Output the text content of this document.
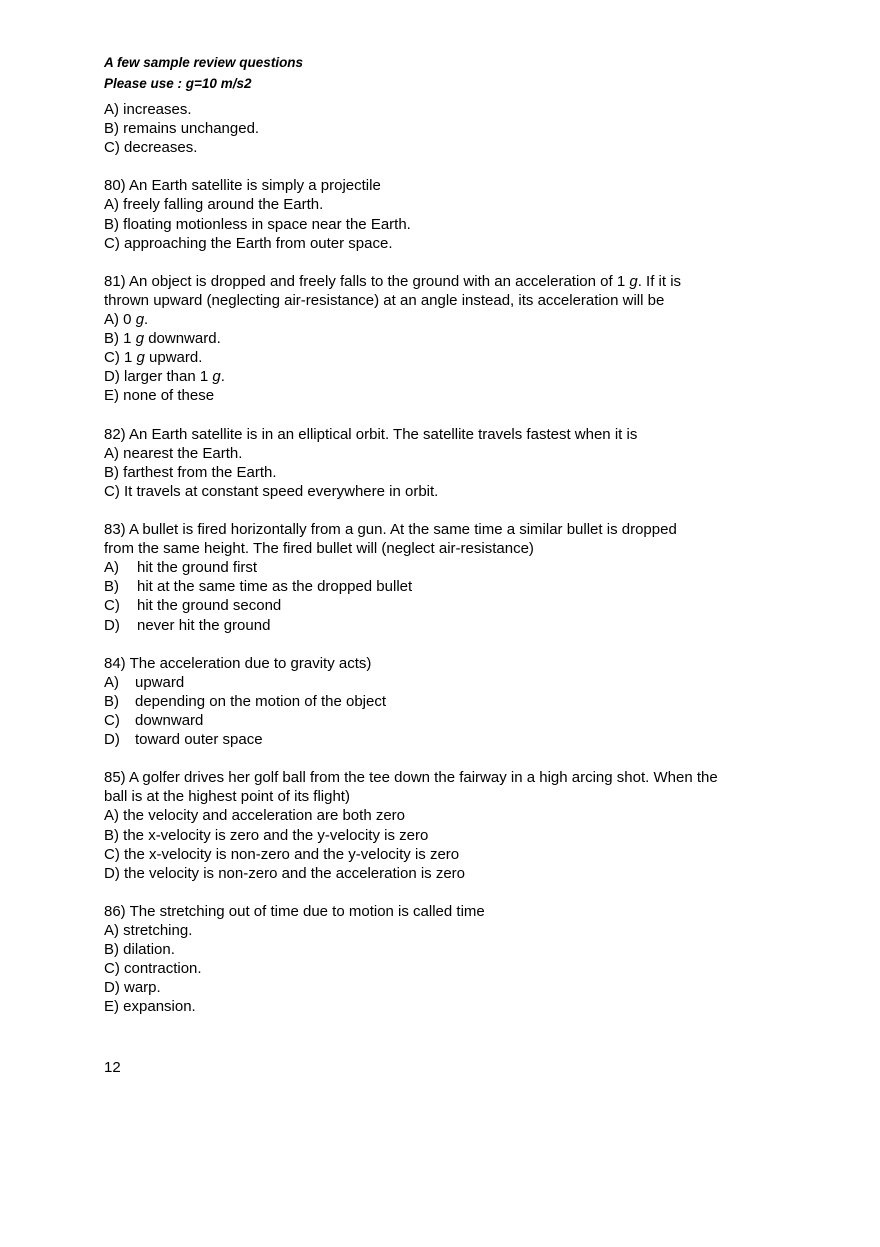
A few sample review questions
Please use : g=10 m/s2
A) increases.
B) remains unchanged.
C) decreases.
80) An Earth satellite is simply a projectile
A) freely falling around the Earth.
B) floating motionless in space near the Earth.
C) approaching the Earth from outer space.
81) An object is dropped and freely falls to the ground with an acceleration of 1 g. If it is
thrown upward (neglecting air-resistance) at an angle instead, its acceleration will be
A) 0 g.
B) 1 g downward.
C) 1 g upward.
D) larger than 1 g.
E) none of these
82) An Earth satellite is in an elliptical orbit. The satellite travels fastest when it is
A) nearest the Earth.
B) farthest from the Earth.
C) It travels at constant speed everywhere in orbit.
83) A bullet is fired horizontally from a gun. At the same time a similar bullet is dropped
from the same height. The fired bullet will (neglect air-resistance)
A) hit the ground first
B) hit at the same time as the dropped bullet
C) hit the ground second
D) never hit the ground
84) The acceleration due to gravity acts)
A) upward
B) depending on the motion of the object
C) downward
D) toward outer space
85) A golfer drives her golf ball from the tee down the fairway in a high arcing shot. When the
ball is at the highest point of its flight)
A) the velocity and acceleration are both zero
B) the x-velocity is zero and the y-velocity is zero
C) the x-velocity is non-zero and the y-velocity is zero
D) the velocity is non-zero and the acceleration is zero
86) The stretching out of time due to motion is called time
A) stretching.
B) dilation.
C) contraction.
D) warp.
E) expansion.
12
